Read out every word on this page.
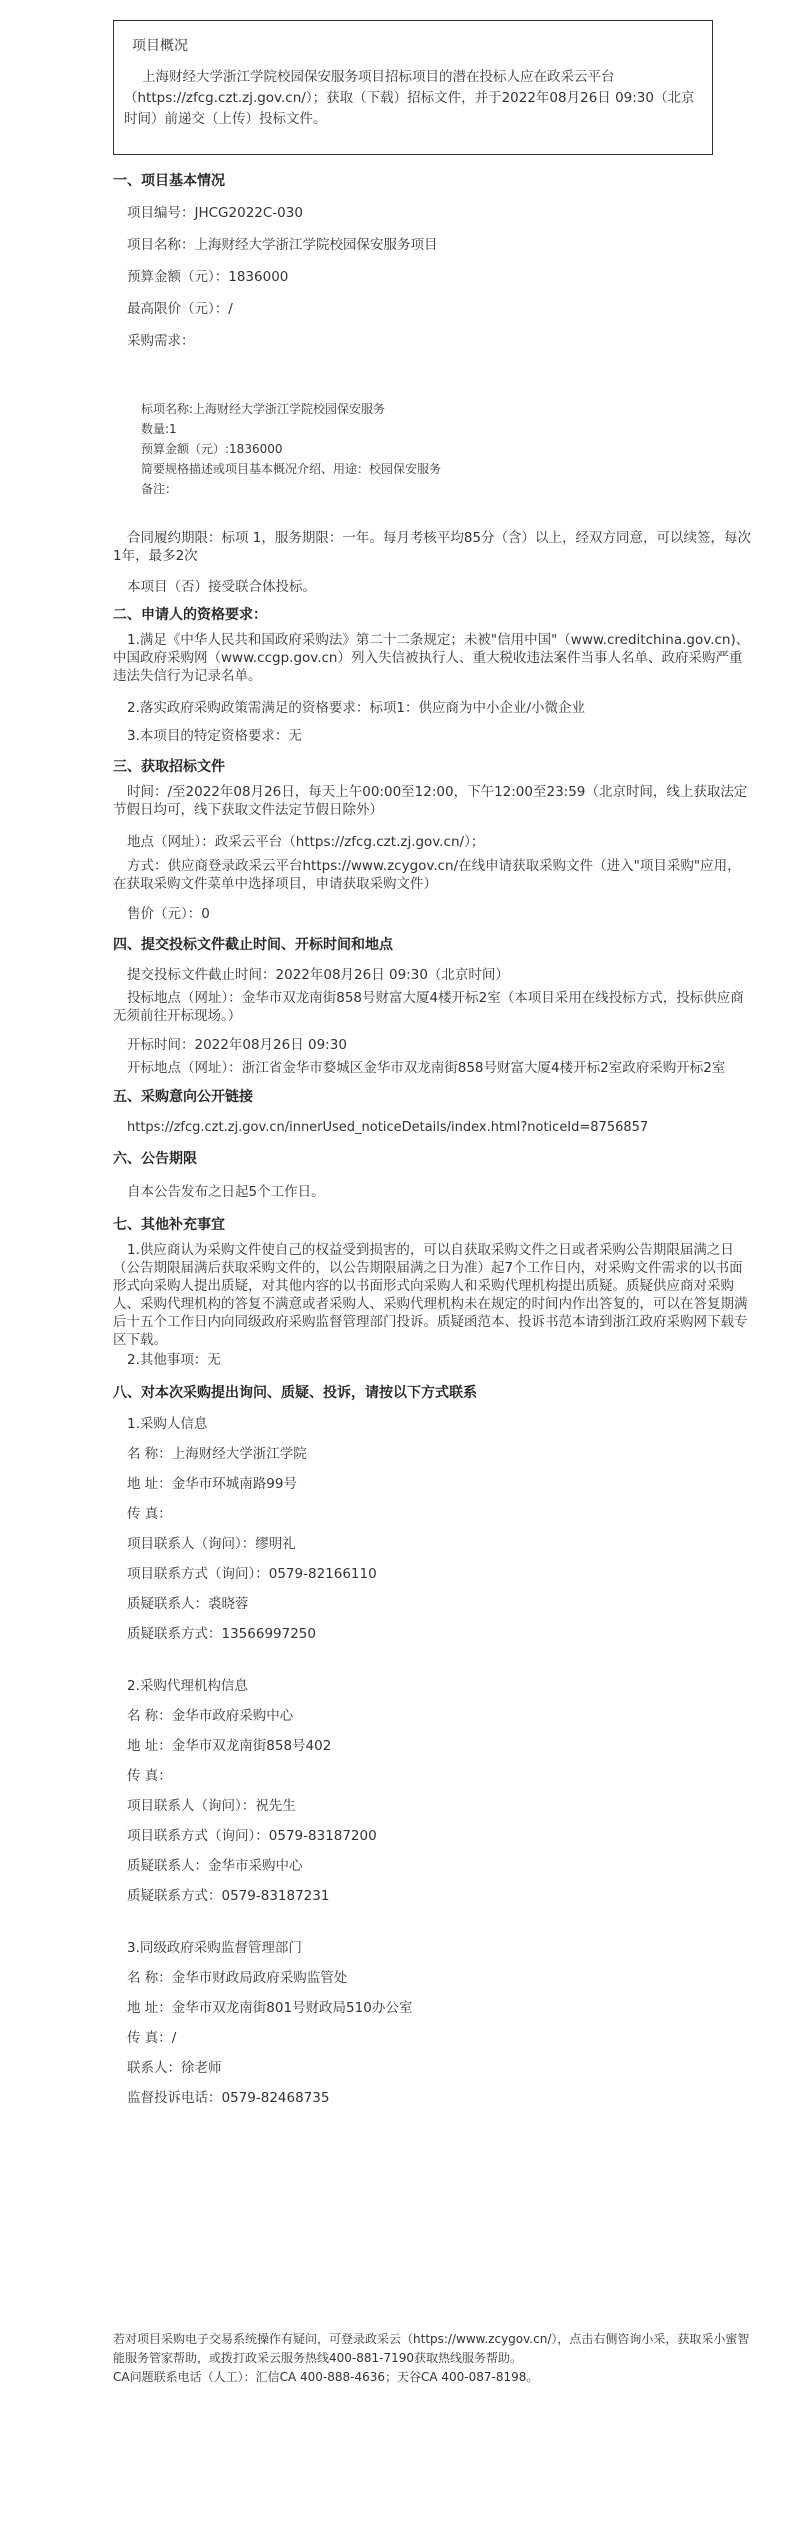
项目概况

上海财经大学浙江学院校园保安服务项目招标项目的潜在投标人应在政采云平台（https://zfcg.czt.zj.gov.cn/）；获取（下载）招标文件，并于2022年08月26日 09:30（北京时间）前递交（上传）投标文件。

一、项目基本情况

项目编号：JHCG2022C-030

项目名称：上海财经大学浙江学院校园保安服务项目

预算金额（元）：1836000

最高限价（元）：/

采购需求：

标项名称:上海财经大学浙江学院校园保安服务

数量:1

预算金额（元）:1836000

简要规格描述或项目基本概况介绍、用途：校园保安服务

备注：

合同履约期限：标项 1，服务期限：一年。每月考核平均85分（含）以上，经双方同意，可以续签，每次1年，最多2次

本项目（否）接受联合体投标。

二、申请人的资格要求：

1.满足《中华人民共和国政府采购法》第二十二条规定；未被"信用中国"（www.creditchina.gov.cn)、中国政府采购网（www.ccgp.gov.cn）列入失信被执行人、重大税收违法案件当事人名单、政府采购严重违法失信行为记录名单。

2.落实政府采购政策需满足的资格要求：标项1：供应商为中小企业/小微企业

3.本项目的特定资格要求：无

三、获取招标文件

时间：/至2022年08月26日，每天上午00:00至12:00，下午12:00至23:59（北京时间，线上获取法定节假日均可，线下获取文件法定节假日除外）

地点（网址）：政采云平台（https://zfcg.czt.zj.gov.cn/）；

方式：供应商登录政采云平台https://www.zcygov.cn/在线申请获取采购文件（进入"项目采购"应用，在获取采购文件菜单中选择项目，申请获取采购文件）

售价（元）：0

四、提交投标文件截止时间、开标时间和地点

提交投标文件截止时间：2022年08月26日 09:30（北京时间）

投标地点（网址）：金华市双龙南街858号财富大厦4楼开标2室（本项目采用在线投标方式，投标供应商无须前往开标现场。）

开标时间：2022年08月26日 09:30

开标地点（网址）：浙江省金华市婺城区金华市双龙南街858号财富大厦4楼开标2室政府采购开标2室

五、采购意向公开链接

https://zfcg.czt.zj.gov.cn/innerUsed_noticeDetails/index.html?noticeId=8756857

六、公告期限

自本公告发布之日起5个工作日。

七、其他补充事宜

1.供应商认为采购文件使自己的权益受到损害的，可以自获取采购文件之日或者采购公告期限届满之日（公告期限届满后获取采购文件的，以公告期限届满之日为准）起7个工作日内，对采购文件需求的以书面形式向采购人提出质疑，对其他内容的以书面形式向采购人和采购代理机构提出质疑。质疑供应商对采购人、采购代理机构的答复不满意或者采购人、采购代理机构未在规定的时间内作出答复的，可以在答复期满后十五个工作日内向同级政府采购监督管理部门投诉。质疑函范本、投诉书范本请到浙江政府采购网下载专区下载。

2.其他事项：无

八、对本次采购提出询问、质疑、投诉，请按以下方式联系

1.采购人信息

名 称：上海财经大学浙江学院

地 址：金华市环城南路99号

传 真：

项目联系人（询问）：缪明礼

项目联系方式（询问）：0579-82166110

质疑联系人：裘晓蓉

质疑联系方式：13566997250

2.采购代理机构信息

名 称：金华市政府采购中心

地 址：金华市双龙南街858号402

传 真：

项目联系人（询问）：祝先生

项目联系方式（询问）：0579-83187200

质疑联系人：金华市采购中心

质疑联系方式：0579-83187231

3.同级政府采购监督管理部门

名 称：金华市财政局政府采购监管处

地 址：金华市双龙南街801号财政局510办公室

传 真：/

联系人：徐老师

监督投诉电话：0579-82468735

若对项目采购电子交易系统操作有疑问，可登录政采云（https://www.zcygov.cn/），点击右侧咨询小采，获取采小蜜智能服务管家帮助，或拨打政采云服务热线400-881-7190获取热线服务帮助。

CA问题联系电话（人工）：汇信CA 400-888-4636；天谷CA 400-087-8198。
